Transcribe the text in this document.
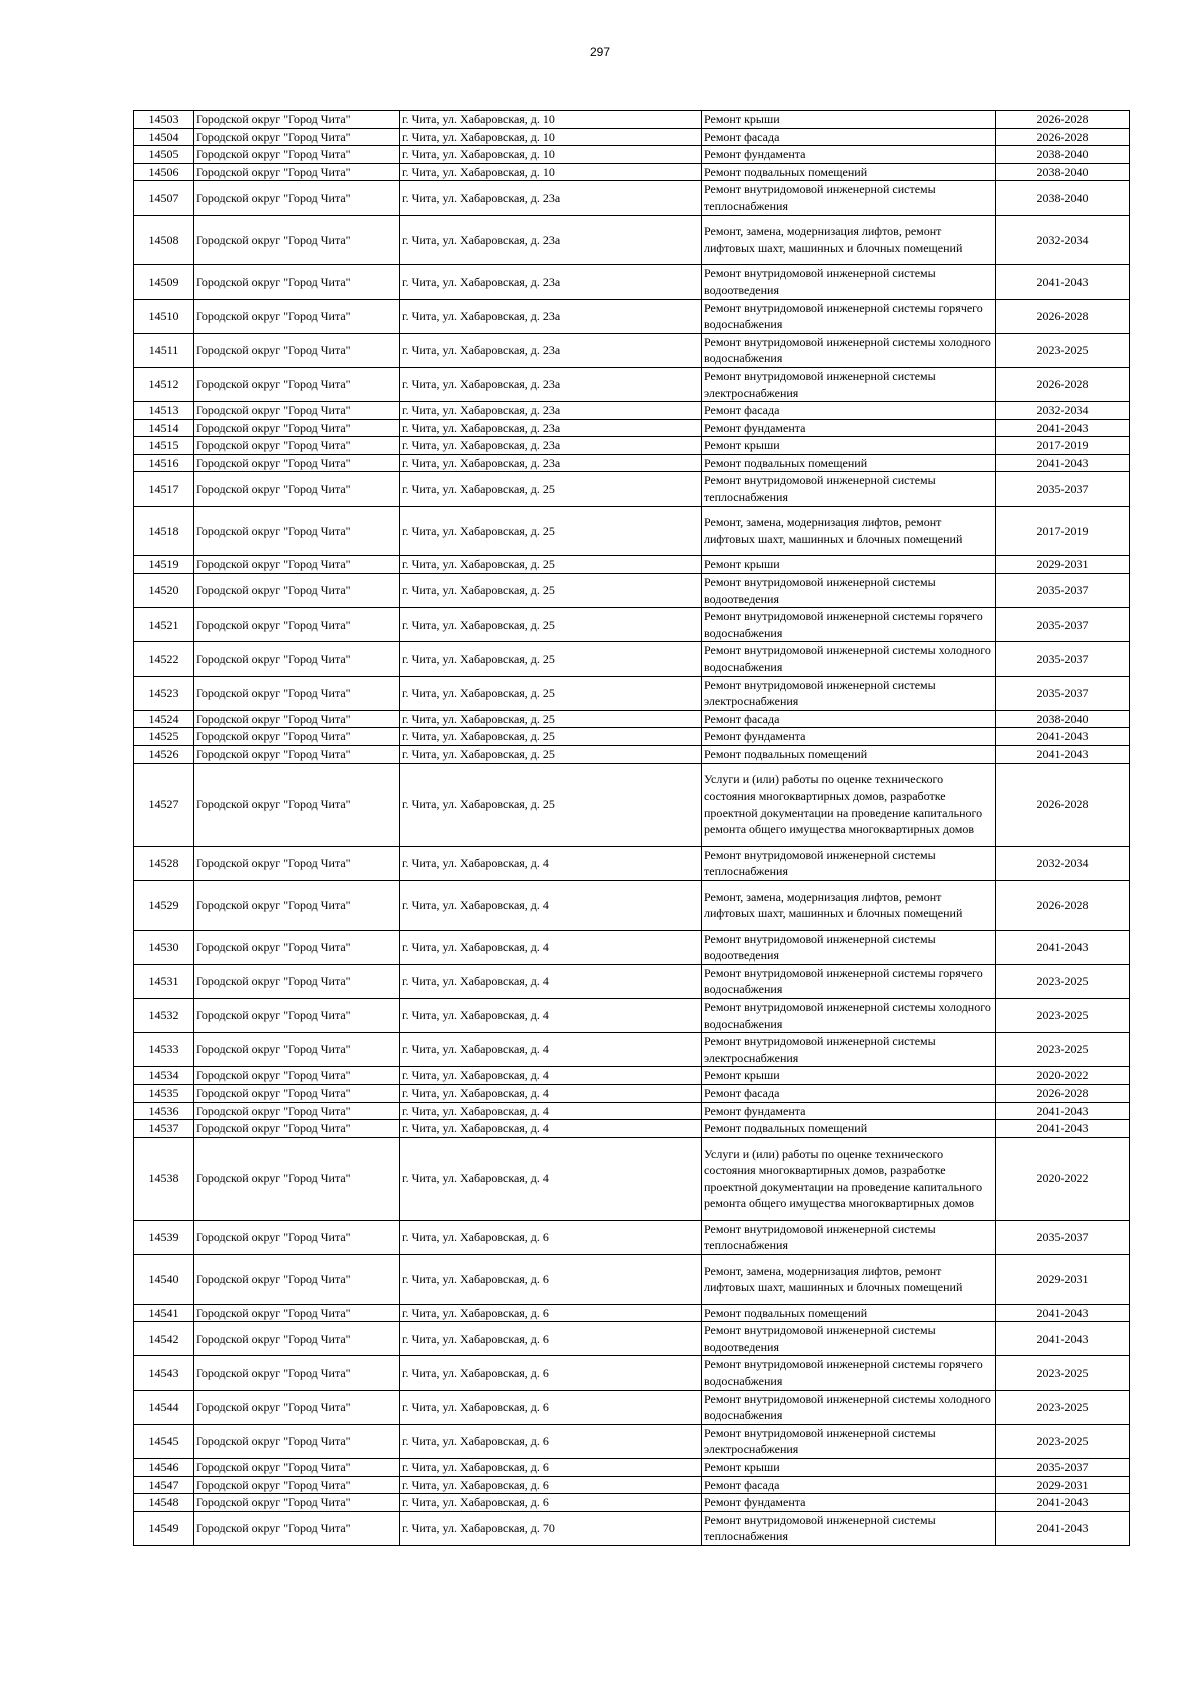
297
14503	Городской округ "Город Чита"	г. Чита, ул. Хабаровская, д. 10	Ремонт крыши	2026-2028
14504	Городской округ "Город Чита"	г. Чита, ул. Хабаровская, д. 10	Ремонт фасада	2026-2028
14505	Городской округ "Город Чита"	г. Чита, ул. Хабаровская, д. 10	Ремонт фундамента	2038-2040
14506	Городской округ "Город Чита"	г. Чита, ул. Хабаровская, д. 10	Ремонт подвальных помещений	2038-2040
14507	Городской округ "Город Чита"	г. Чита, ул. Хабаровская, д. 23а	Ремонт внутридомовой инженерной системы теплоснабжения	2038-2040
14508	Городской округ "Город Чита"	г. Чита, ул. Хабаровская, д. 23а	Ремонт, замена, модернизация лифтов, ремонт лифтовых шахт, машинных и блочных помещений	2032-2034
14509	Городской округ "Город Чита"	г. Чита, ул. Хабаровская, д. 23а	Ремонт внутридомовой инженерной системы водоотведения	2041-2043
14510	Городской округ "Город Чита"	г. Чита, ул. Хабаровская, д. 23а	Ремонт внутридомовой инженерной системы горячего водоснабжения	2026-2028
14511	Городской округ "Город Чита"	г. Чита, ул. Хабаровская, д. 23а	Ремонт внутридомовой инженерной системы холодного водоснабжения	2023-2025
14512	Городской округ "Город Чита"	г. Чита, ул. Хабаровская, д. 23а	Ремонт внутридомовой инженерной системы электроснабжения	2026-2028
14513	Городской округ "Город Чита"	г. Чита, ул. Хабаровская, д. 23а	Ремонт фасада	2032-2034
14514	Городской округ "Город Чита"	г. Чита, ул. Хабаровская, д. 23а	Ремонт фундамента	2041-2043
14515	Городской округ "Город Чита"	г. Чита, ул. Хабаровская, д. 23а	Ремонт крыши	2017-2019
14516	Городской округ "Город Чита"	г. Чита, ул. Хабаровская, д. 23а	Ремонт подвальных помещений	2041-2043
14517	Городской округ "Город Чита"	г. Чита, ул. Хабаровская, д. 25	Ремонт внутридомовой инженерной системы теплоснабжения	2035-2037
14518	Городской округ "Город Чита"	г. Чита, ул. Хабаровская, д. 25	Ремонт, замена, модернизация лифтов, ремонт лифтовых шахт, машинных и блочных помещений	2017-2019
14519	Городской округ "Город Чита"	г. Чита, ул. Хабаровская, д. 25	Ремонт крыши	2029-2031
14520	Городской округ "Город Чита"	г. Чита, ул. Хабаровская, д. 25	Ремонт внутридомовой инженерной системы водоотведения	2035-2037
14521	Городской округ "Город Чита"	г. Чита, ул. Хабаровская, д. 25	Ремонт внутридомовой инженерной системы горячего водоснабжения	2035-2037
14522	Городской округ "Город Чита"	г. Чита, ул. Хабаровская, д. 25	Ремонт внутридомовой инженерной системы холодного водоснабжения	2035-2037
14523	Городской округ "Город Чита"	г. Чита, ул. Хабаровская, д. 25	Ремонт внутридомовой инженерной системы электроснабжения	2035-2037
14524	Городской округ "Город Чита"	г. Чита, ул. Хабаровская, д. 25	Ремонт фасада	2038-2040
14525	Городской округ "Город Чита"	г. Чита, ул. Хабаровская, д. 25	Ремонт фундамента	2041-2043
14526	Городской округ "Город Чита"	г. Чита, ул. Хабаровская, д. 25	Ремонт подвальных помещений	2041-2043
14527	Городской округ "Город Чита"	г. Чита, ул. Хабаровская, д. 25	Услуги и (или) работы по оценке технического состояния многоквартирных домов, разработке проектной документации на проведение капитального ремонта общего имущества многоквартирных домов	2026-2028
14528	Городской округ "Город Чита"	г. Чита, ул. Хабаровская, д. 4	Ремонт внутридомовой инженерной системы теплоснабжения	2032-2034
14529	Городской округ "Город Чита"	г. Чита, ул. Хабаровская, д. 4	Ремонт, замена, модернизация лифтов, ремонт лифтовых шахт, машинных и блочных помещений	2026-2028
14530	Городской округ "Город Чита"	г. Чита, ул. Хабаровская, д. 4	Ремонт внутридомовой инженерной системы водоотведения	2041-2043
14531	Городской округ "Город Чита"	г. Чита, ул. Хабаровская, д. 4	Ремонт внутридомовой инженерной системы горячего водоснабжения	2023-2025
14532	Городской округ "Город Чита"	г. Чита, ул. Хабаровская, д. 4	Ремонт внутридомовой инженерной системы холодного водоснабжения	2023-2025
14533	Городской округ "Город Чита"	г. Чита, ул. Хабаровская, д. 4	Ремонт внутридомовой инженерной системы электроснабжения	2023-2025
14534	Городской округ "Город Чита"	г. Чита, ул. Хабаровская, д. 4	Ремонт крыши	2020-2022
14535	Городской округ "Город Чита"	г. Чита, ул. Хабаровская, д. 4	Ремонт фасада	2026-2028
14536	Городской округ "Город Чита"	г. Чита, ул. Хабаровская, д. 4	Ремонт фундамента	2041-2043
14537	Городской округ "Город Чита"	г. Чита, ул. Хабаровская, д. 4	Ремонт подвальных помещений	2041-2043
14538	Городской округ "Город Чита"	г. Чита, ул. Хабаровская, д. 4	Услуги и (или) работы по оценке технического состояния многоквартирных домов, разработке проектной документации на проведение капитального ремонта общего имущества многоквартирных домов	2020-2022
14539	Городской округ "Город Чита"	г. Чита, ул. Хабаровская, д. 6	Ремонт внутридомовой инженерной системы теплоснабжения	2035-2037
14540	Городской округ "Город Чита"	г. Чита, ул. Хабаровская, д. 6	Ремонт, замена, модернизация лифтов, ремонт лифтовых шахт, машинных и блочных помещений	2029-2031
14541	Городской округ "Город Чита"	г. Чита, ул. Хабаровская, д. 6	Ремонт подвальных помещений	2041-2043
14542	Городской округ "Город Чита"	г. Чита, ул. Хабаровская, д. 6	Ремонт внутридомовой инженерной системы водоотведения	2041-2043
14543	Городской округ "Город Чита"	г. Чита, ул. Хабаровская, д. 6	Ремонт внутридомовой инженерной системы горячего водоснабжения	2023-2025
14544	Городской округ "Город Чита"	г. Чита, ул. Хабаровская, д. 6	Ремонт внутридомовой инженерной системы холодного водоснабжения	2023-2025
14545	Городской округ "Город Чита"	г. Чита, ул. Хабаровская, д. 6	Ремонт внутридомовой инженерной системы электроснабжения	2023-2025
14546	Городской округ "Город Чита"	г. Чита, ул. Хабаровская, д. 6	Ремонт крыши	2035-2037
14547	Городской округ "Город Чита"	г. Чита, ул. Хабаровская, д. 6	Ремонт фасада	2029-2031
14548	Городской округ "Город Чита"	г. Чита, ул. Хабаровская, д. 6	Ремонт фундамента	2041-2043
14549	Городской округ "Город Чита"	г. Чита, ул. Хабаровская, д. 70	Ремонт внутридомовой инженерной системы теплоснабжения	2041-2043
